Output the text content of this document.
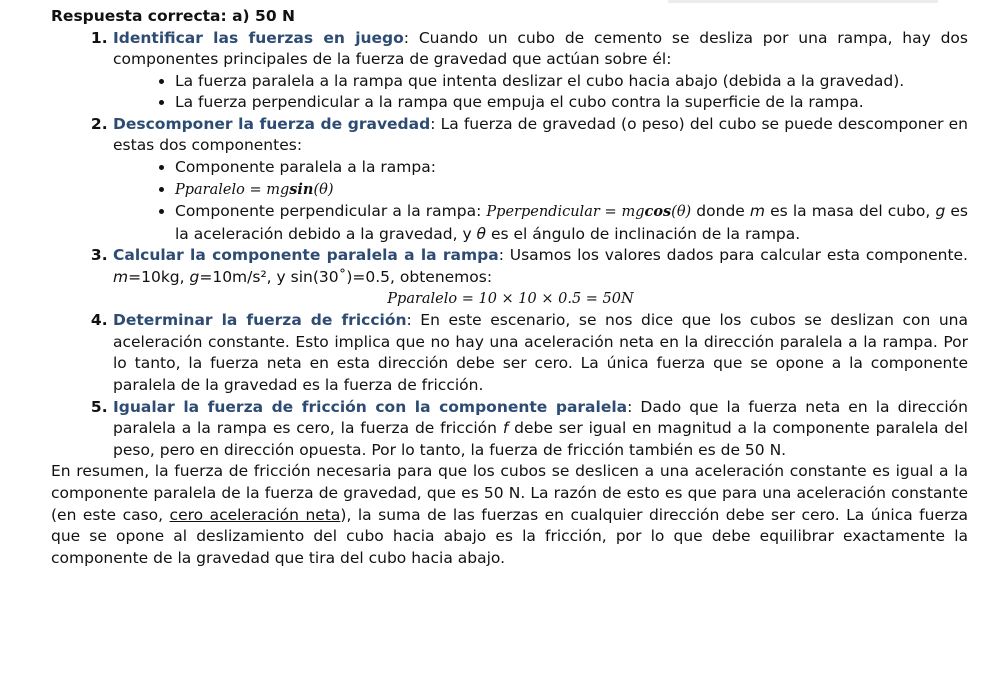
Respuesta correcta: a) 50 N
1. Identificar las fuerzas en juego: Cuando un cubo de cemento se desliza por una rampa, hay dos componentes principales de la fuerza de gravedad que actúan sobre él:
• La fuerza paralela a la rampa que intenta deslizar el cubo hacia abajo (debida a la gravedad).
• La fuerza perpendicular a la rampa que empuja el cubo contra la superficie de la rampa.
2. Descomponer la fuerza de gravedad: La fuerza de gravedad (o peso) del cubo se puede descomponer en estas dos componentes:
• Componente paralela a la rampa:
• Pparalelo = mgsin(θ)
• Componente perpendicular a la rampa: Pperpendicular = mgcos(θ) donde m es la masa del cubo, g es la aceleración debido a la gravedad, y θ es el ángulo de inclinación de la rampa.
3. Calcular la componente paralela a la rampa: Usamos los valores dados para calcular esta componente. m=10kg, g=10m/s², y sin(30˚)=0.5, obtenemos:
Pparalelo = 10 × 10 × 0.5 = 50N
4. Determinar la fuerza de fricción: En este escenario, se nos dice que los cubos se deslizan con una aceleración constante. Esto implica que no hay una aceleración neta en la dirección paralela a la rampa. Por lo tanto, la fuerza neta en esta dirección debe ser cero. La única fuerza que se opone a la componente paralela de la gravedad es la fuerza de fricción.
5. Igualar la fuerza de fricción con la componente paralela: Dado que la fuerza neta en la dirección paralela a la rampa es cero, la fuerza de fricción f debe ser igual en magnitud a la componente paralela del peso, pero en dirección opuesta. Por lo tanto, la fuerza de fricción también es de 50 N.

En resumen, la fuerza de fricción necesaria para que los cubos se deslicen a una aceleración constante es igual a la componente paralela de la fuerza de gravedad, que es 50 N. La razón de esto es que para una aceleración constante (en este caso, cero aceleración neta), la suma de las fuerzas en cualquier dirección debe ser cero. La única fuerza que se opone al deslizamiento del cubo hacia abajo es la fricción, por lo que debe equilibrar exactamente la componente de la gravedad que tira del cubo hacia abajo.
